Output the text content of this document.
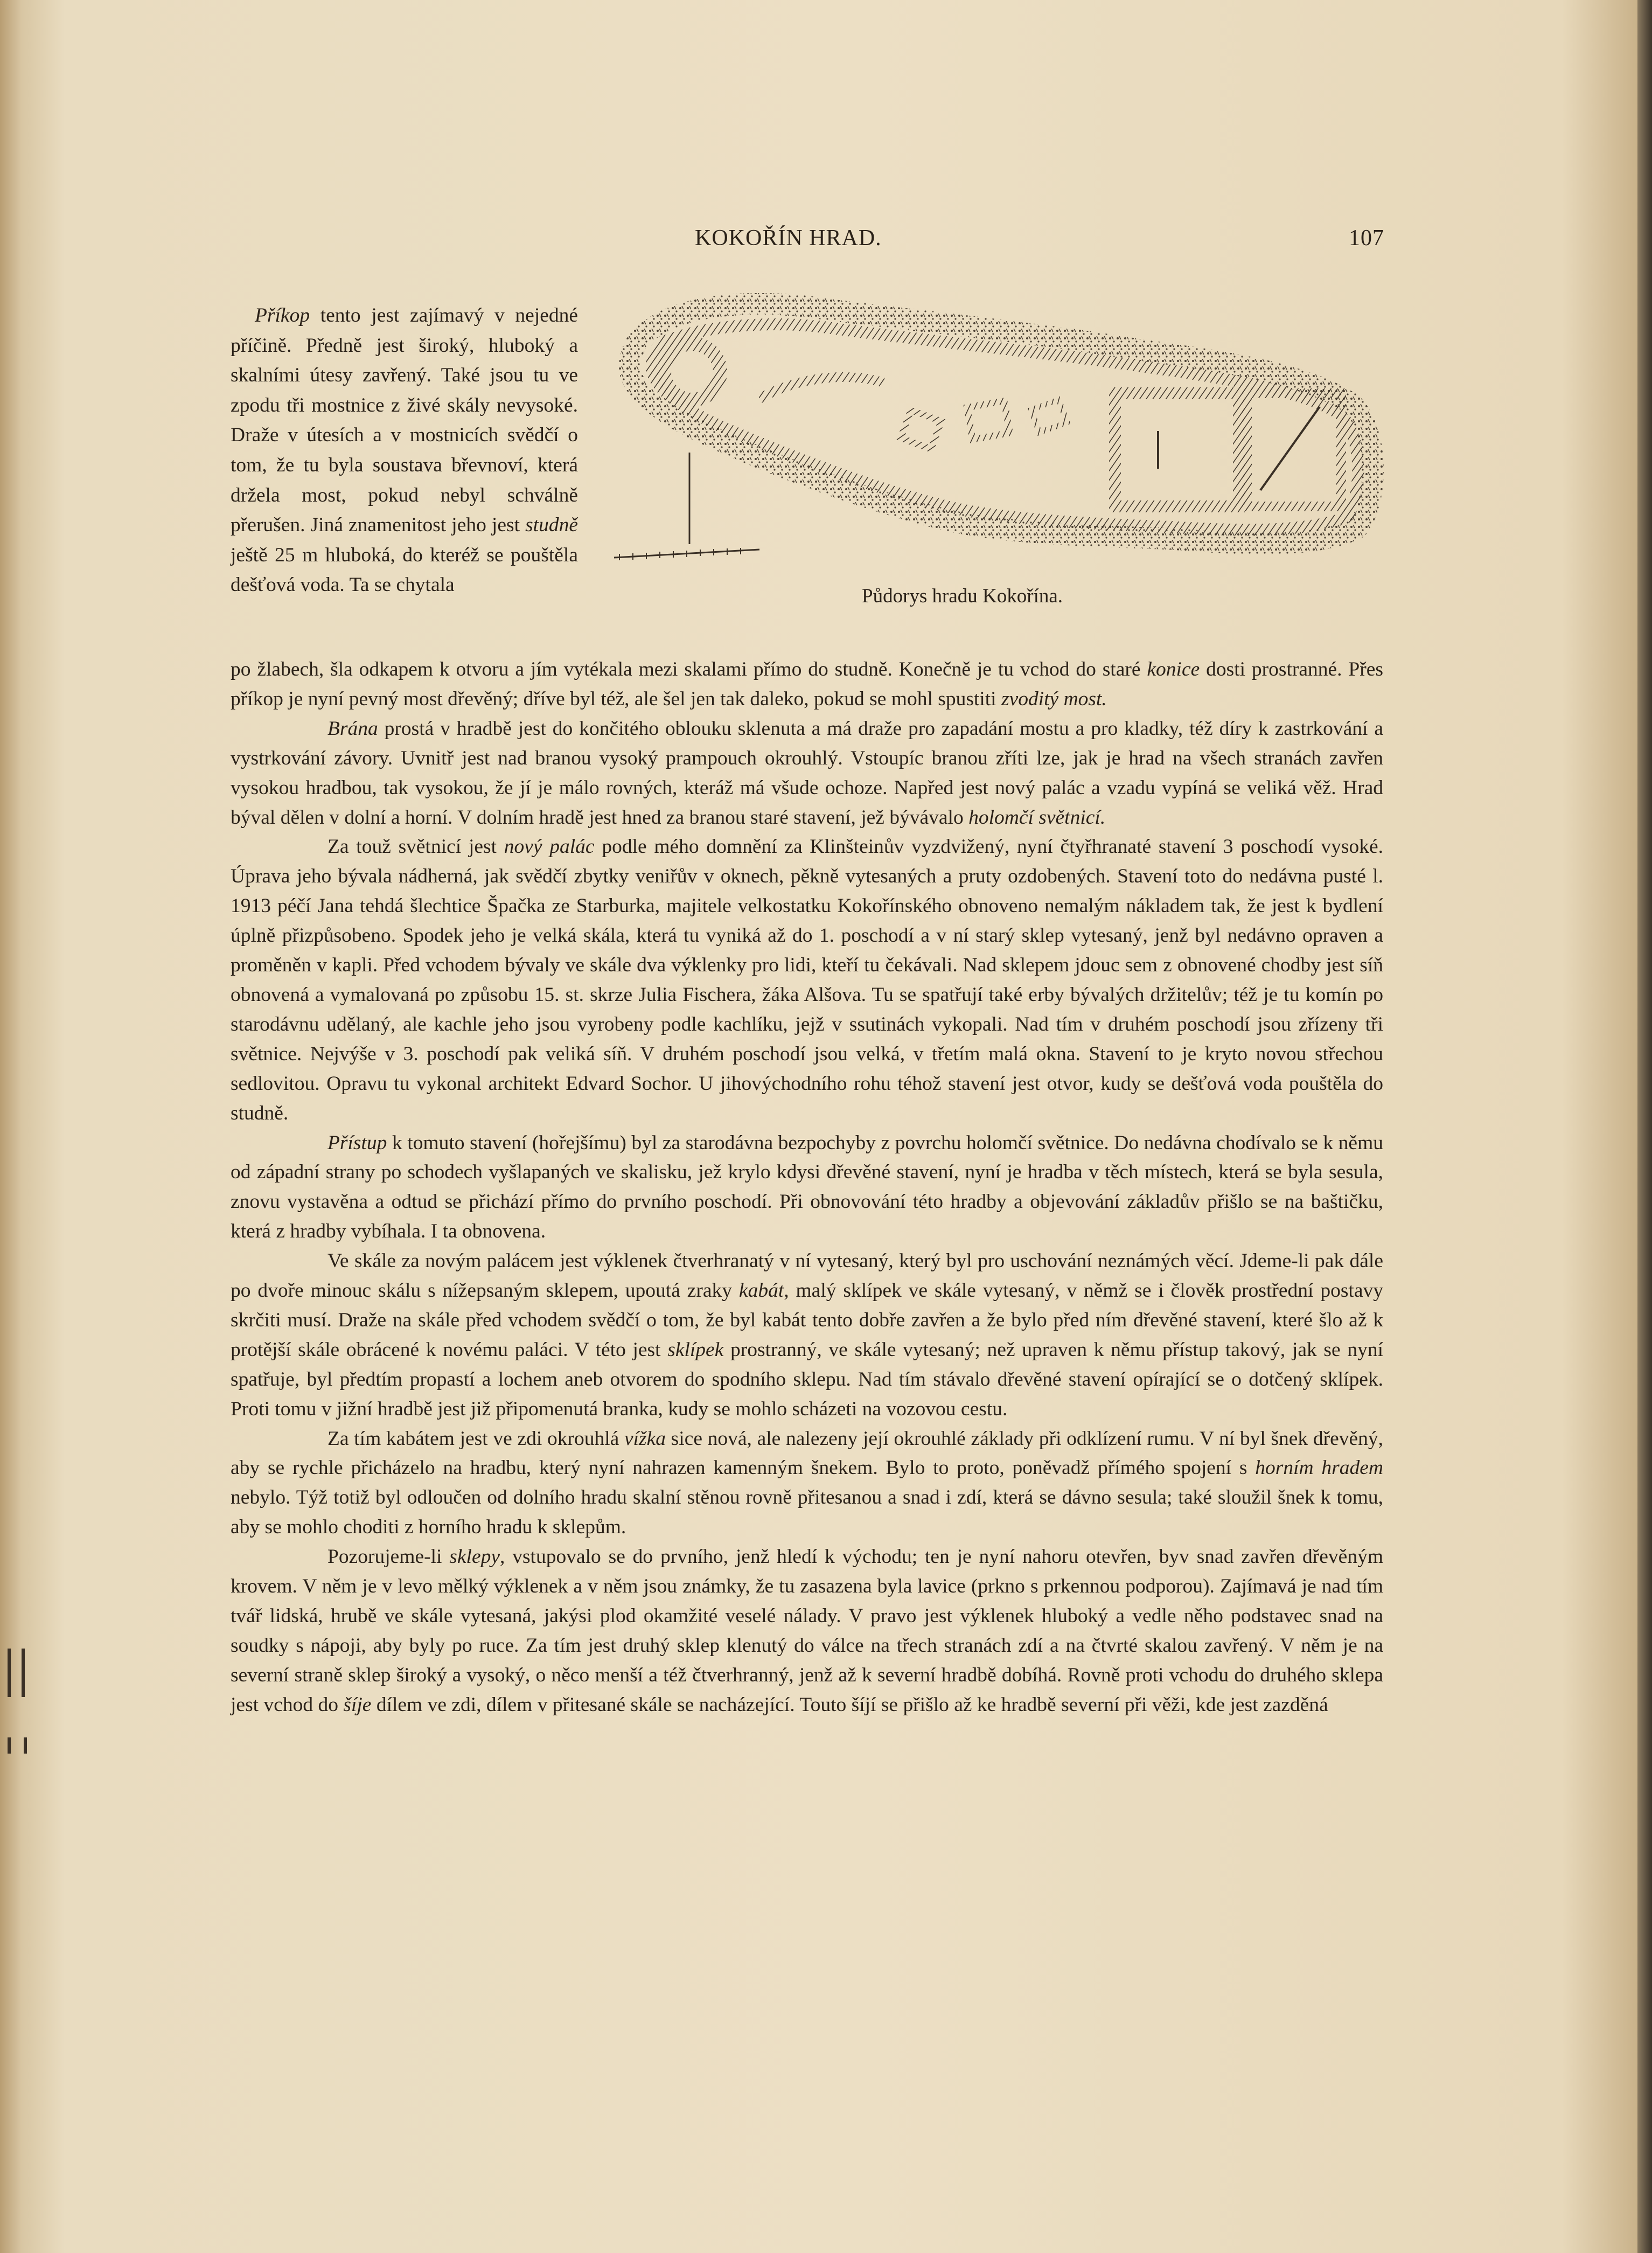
KOKOŘÍN HRAD.	107
Půdorys hradu Kokořína.

Příkop tento jest zajímavý v nejedné příčině. Předně jest široký, hluboký a skalními útesy zavřený. Také jsou tu ve zpodu tři mostnice z živé skály nevysoké. Draže v útesích a v mostnicích svědčí o tom, že tu byla soustava břevnoví, která držela most, pokud nebyl schválně přerušen. Jiná znamenitost jeho jest studně ještě 25 m hluboká, do kteréž se pouštěla dešťová voda. Ta se chytala

po žlabech, šla odkapem k otvoru a jím vytékala mezi skalami přímo do studně. Konečně je tu vchod do staré konice dosti prostranné. Přes příkop je nyní pevný most dřevěný; dříve byl též, ale šel jen tak daleko, pokud se mohl spustiti zvoditý most.

Brána prostá v hradbě jest do končitého oblouku sklenuta a má draže pro zapadání mostu a pro kladky, též díry k zastrkování a vystrkování závory. Uvnitř jest nad branou vysoký prampouch okrouhlý. Vstoupíc branou zříti lze, jak je hrad na všech stranách zavřen vysokou hradbou, tak vysokou, že jí je málo rovných, kteráž má všude ochoze. Napřed jest nový palác a vzadu vypíná se veliká věž. Hrad býval dělen v dolní a horní. V dolním hradě jest hned za branou staré stavení, jež bývávalo holomčí světnicí.

Za touž světnicí jest nový palác podle mého domnění za Klinšteinův vyzdvižený, nyní čtyřhranaté stavení 3 poschodí vysoké. Úprava jeho bývala nádherná, jak svědčí zbytky veniřův v oknech, pěkně vytesaných a pruty ozdobených. Stavení toto do nedávna pusté l. 1913 péčí Jana tehdá šlechtice Špačka ze Starburka, majitele velkostatku Kokořínského obnoveno nemalým nákladem tak, že jest k bydlení úplně přizpůsobeno. Spodek jeho je velká skála, která tu vyniká až do 1. poschodí a v ní starý sklep vytesaný, jenž byl nedávno opraven a proměněn v kapli. Před vchodem bývaly ve skále dva výklenky pro lidi, kteří tu čekávali. Nad sklepem jdouc sem z obnovené chodby jest síň obnovená a vymalovaná po způsobu 15. st. skrze Julia Fischera, žáka Alšova. Tu se spatřují také erby bývalých držitelův; též je tu komín po starodávnu udělaný, ale kachle jeho jsou vyrobeny podle kachlíku, jejž v ssutinách vykopali. Nad tím v druhém poschodí jsou zřízeny tři světnice. Nejvýše v 3. poschodí pak veliká síň. V druhém poschodí jsou velká, v třetím malá okna. Stavení to je kryto novou střechou sedlovitou. Opravu tu vykonal architekt Edvard Sochor. U jihovýchodního rohu téhož stavení jest otvor, kudy se dešťová voda pouštěla do studně.

Přístup k tomuto stavení (hořejšímu) byl za starodávna bezpochyby z povrchu holomčí světnice. Do nedávna chodívalo se k němu od západní strany po schodech vyšlapaných ve skalisku, jež krylo kdysi dřevěné stavení, nyní je hradba v těch místech, která se byla sesula, znovu vystavěna a odtud se přichází přímo do prvního poschodí. Při obnovování této hradby a objevování základův přišlo se na baštičku, která z hradby vybíhala. I ta obnovena.

Ve skále za novým palácem jest výklenek čtverhranatý v ní vytesaný, který byl pro uschování neznámých věcí. Jdeme-li pak dále po dvoře minouc skálu s nížepsaným sklepem, upoutá zraky kabát, malý sklípek ve skále vytesaný, v němž se i člověk prostřední postavy skrčiti musí. Draže na skále před vchodem svědčí o tom, že byl kabát tento dobře zavřen a že bylo před ním dřevěné stavení, které šlo až k protější skále obrácené k novému paláci. V této jest sklípek prostranný, ve skále vytesaný; než upraven k němu přístup takový, jak se nyní spatřuje, byl předtím propastí a lochem aneb otvorem do spodního sklepu. Nad tím stávalo dřevěné stavení opírající se o dotčený sklípek. Proti tomu v jižní hradbě jest již připomenutá branka, kudy se mohlo scházeti na vozovou cestu.

Za tím kabátem jest ve zdi okrouhlá vížka sice nová, ale nalezeny její okrouhlé základy při odklízení rumu. V ní byl šnek dřevěný, aby se rychle přicházelo na hradbu, který nyní nahrazen kamenným šnekem. Bylo to proto, poněvadž přímého spojení s horním hradem nebylo. Týž totiž byl odloučen od dolního hradu skalní stěnou rovně přitesanou a snad i zdí, která se dávno sesula; také sloužil šnek k tomu, aby se mohlo choditi z horního hradu k sklepům.

Pozorujeme-li sklepy, vstupovalo se do prvního, jenž hledí k východu; ten je nyní nahoru otevřen, byv snad zavřen dřevěným krovem. V něm je v levo mělký výklenek a v něm jsou známky, že tu zasazena byla lavice (prkno s prkennou podporou). Zajímavá je nad tím tvář lidská, hrubě ve skále vytesaná, jakýsi plod okamžité veselé nálady. V pravo jest výklenek hluboký a vedle něho podstavec snad na soudky s nápoji, aby byly po ruce. Za tím jest druhý sklep klenutý do válce na třech stranách zdí a na čtvrté skalou zavřený. V něm je na severní straně sklep široký a vysoký, o něco menší a též čtverhranný, jenž až k severní hradbě dobíhá. Rovně proti vchodu do druhého sklepa jest vchod do šíje dílem ve zdi, dílem v přitesané skále se nacházející. Touto šíjí se přišlo až ke hradbě severní při věži, kde jest zazděná
